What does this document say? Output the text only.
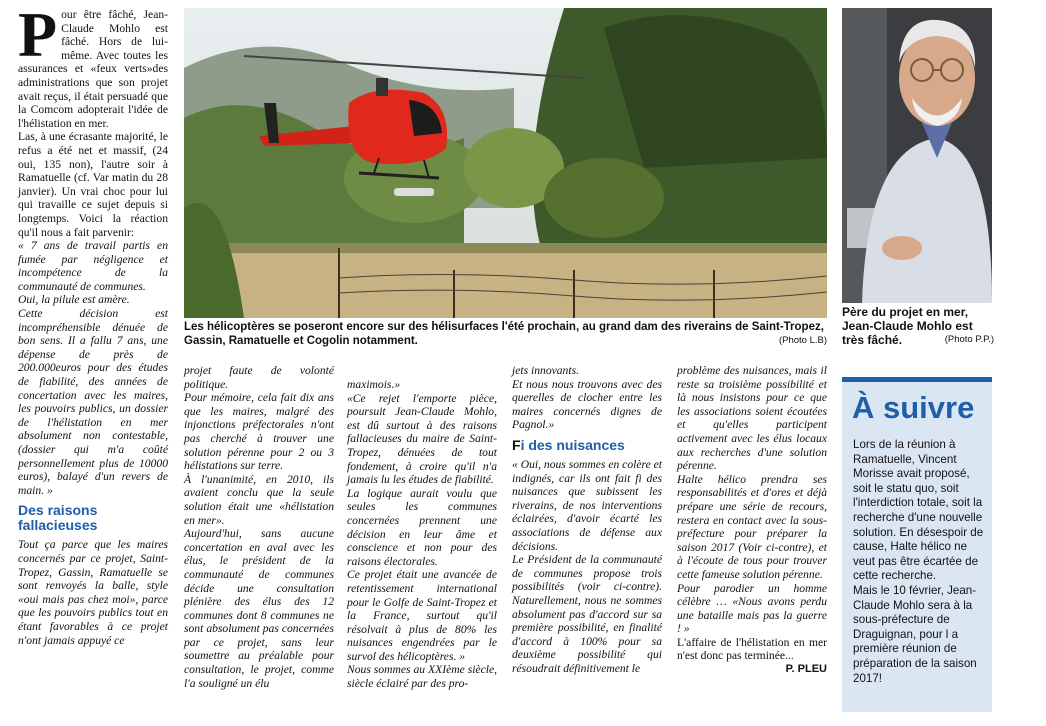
P our être fâché, Jean-Claude Mohlo est fâché. Hors de lui-même. Avec toutes les assurances et «feux verts»des administrations que son projet avait reçus, il était persuadé que la Comcom adopterait l'idée de l'hélistation en mer.

Las, à une écrasante majorité, le refus a été net et massif, (24 oui, 135 non), l'autre soir à Ramatuelle (cf. Var matin du 28 janvier). Un vrai choc pour lui qui travaille ce sujet depuis si longtemps. Voici la réaction qu'il nous a fait parvenir:

« 7 ans de travail partis en fumée par négligence et incompétence de la communauté de communes.

Oui, la pilule est amère.

Cette décision est incompréhensible dénuée de bon sens. Il a fallu 7 ans, une dépense de près de 200.000euros pour des études de fiabilité, des années de concertation avec les maires, les pouvoirs publics, un dossier de l'hélistation en mer absolument non contestable, (dossier qui m'a coûté personnellement plus de 10000 euros), balayé d'un revers de main. »

Des raisons fallacieuses

Tout ça parce que les maires concernés par ce projet, Saint-Tropez, Gassin, Ramatuelle se sont renvoyés la balle, style «oui mais pas chez moi», parce que les pouvoirs publics tout en étant favorables à ce projet n'ont jamais appuyé ce

Les hélicoptères se poseront encore sur des hélisurfaces l'été prochain, au grand dam des riverains de Saint-Tropez, Gassin, Ramatuelle et Cogolin notamment.	(Photo L.B)
Père du projet en mer, Jean-Claude Mohlo est très fâché.	(Photo P.P.)

projet faute de volonté politique.

Pour mémoire, cela fait dix ans que les maires, malgré des injonctions préfectorales n'ont pas cherché à trouver une solution pérenne pour 2 ou 3 hélistations sur terre.

À l'unanimité, en 2010, ils avaient conclu que la seule solution était une «hélistation en mer».

Aujourd'hui, sans aucune concertation en aval avec les élus, le président de la communauté de communes décide une consultation plénière des élus des 12 communes dont 8 communes ne sont absolument pas concernées par ce projet, sans leur soumettre au préalable pour consultation, le projet, comme l'a souligné un élu

maximois.»

«Ce rejet l'emporte pièce, poursuit Jean-Claude Mohlo, est dû surtout à des raisons fallacieuses du maire de Saint-Tropez, dénuées de tout fondement, à croire qu'il n'a jamais lu les études de fiabilité.

La logique aurait voulu que seules les communes concernées prennent une décision en leur âme et conscience et non pour des raisons électorales.

Ce projet était une avancée de retentissement international pour le Golfe de Saint-Tropez et la France, surtout qu'il résolvait à plus de 80% les nuisances engendrées par le survol des hélicoptères. »

Nous sommes au XXIème siècle, siècle éclairé par des pro-

jets innovants.

Et nous nous trouvons avec des querelles de clocher entre les maires concernés dignes de Pagnol.»

Fi des nuisances

« Oui, nous sommes en colère et indignés, car ils ont fait fi des nuisances que subissent les riverains, de nos interventions éclairées, d'avoir écarté les associations de défense aux décisions.

Le Président de la communauté de communes propose trois possibilités (voir ci-contre). Naturellement, nous ne sommes absolument pas d'accord sur sa première possibilité, en finalité d'accord à 100% pour sa deuxième possibilité qui résoudrait définitivement le

problème des nuisances, mais il reste sa troisième possibilité et là nous insistons pour ce que les associations soient écoutées et qu'elles participent activement avec les élus locaux aux recherches d'une solution pérenne.

Halte hélico prendra ses responsabilités et d'ores et déjà prépare une série de recours, restera en contact avec la sous-préfecture pour préparer la saison 2017 (Voir ci-contre), et à l'écoute de tous pour trouver cette fameuse solution pérenne.

Pour parodier un homme célèbre … «Nous avons perdu une bataille mais pas la guerre ! »

L'affaire de l'hélistation en mer n'est donc pas terminée...
P. PLEU

À suivre

Lors de la réunion à Ramatuelle, Vincent Morisse avait proposé, soit le statu quo, soit l'interdiction totale, soit la recherche d'une nouvelle solution. En désespoir de cause, Halte hélico ne veut pas être écartée de cette recherche.

Mais le 10 février, Jean-Claude Mohlo sera à la sous-préfecture de Draguignan, pour l a première réunion de préparation de la saison 2017!
